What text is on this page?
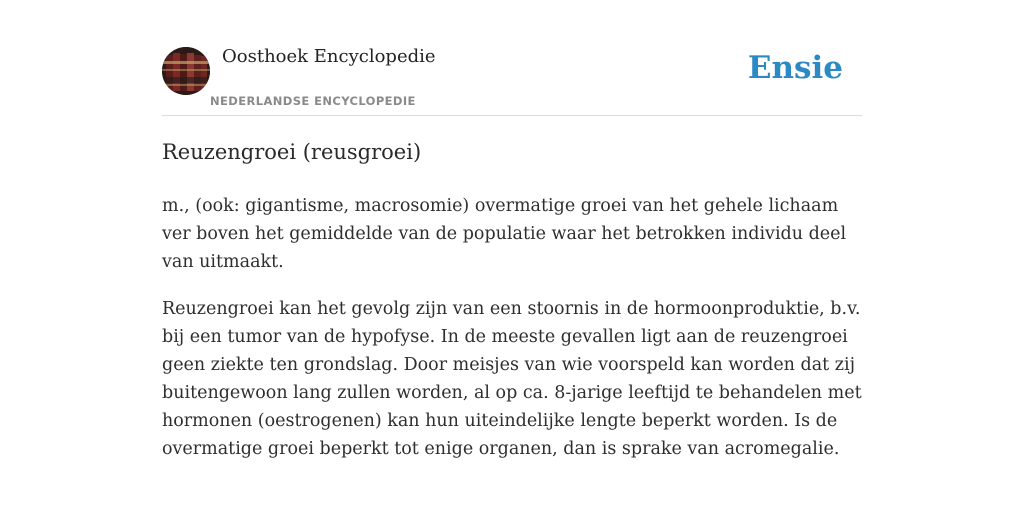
Oosthoek Encyclopedie
NEDERLANDSE ENCYCLOPEDIE
Ensie
Reuzengroei (reusgroei)

m., (ook: gigantisme, macrosomie) overmatige groei van het gehele lichaam ver boven het gemiddelde van de populatie waar het betrokken individu deel van uitmaakt.

Reuzengroei kan het gevolg zijn van een stoornis in de hormoonproduktie, b.v. bij een tumor van de hypofyse. In de meeste gevallen ligt aan de reuzengroei geen ziekte ten grondslag. Door meisjes van wie voorspeld kan worden dat zij buitengewoon lang zullen worden, al op ca. 8-jarige leeftijd te behandelen met hormonen (oestrogenen) kan hun uiteindelijke lengte beperkt worden. Is de overmatige groei beperkt tot enige organen, dan is sprake van acromegalie.
